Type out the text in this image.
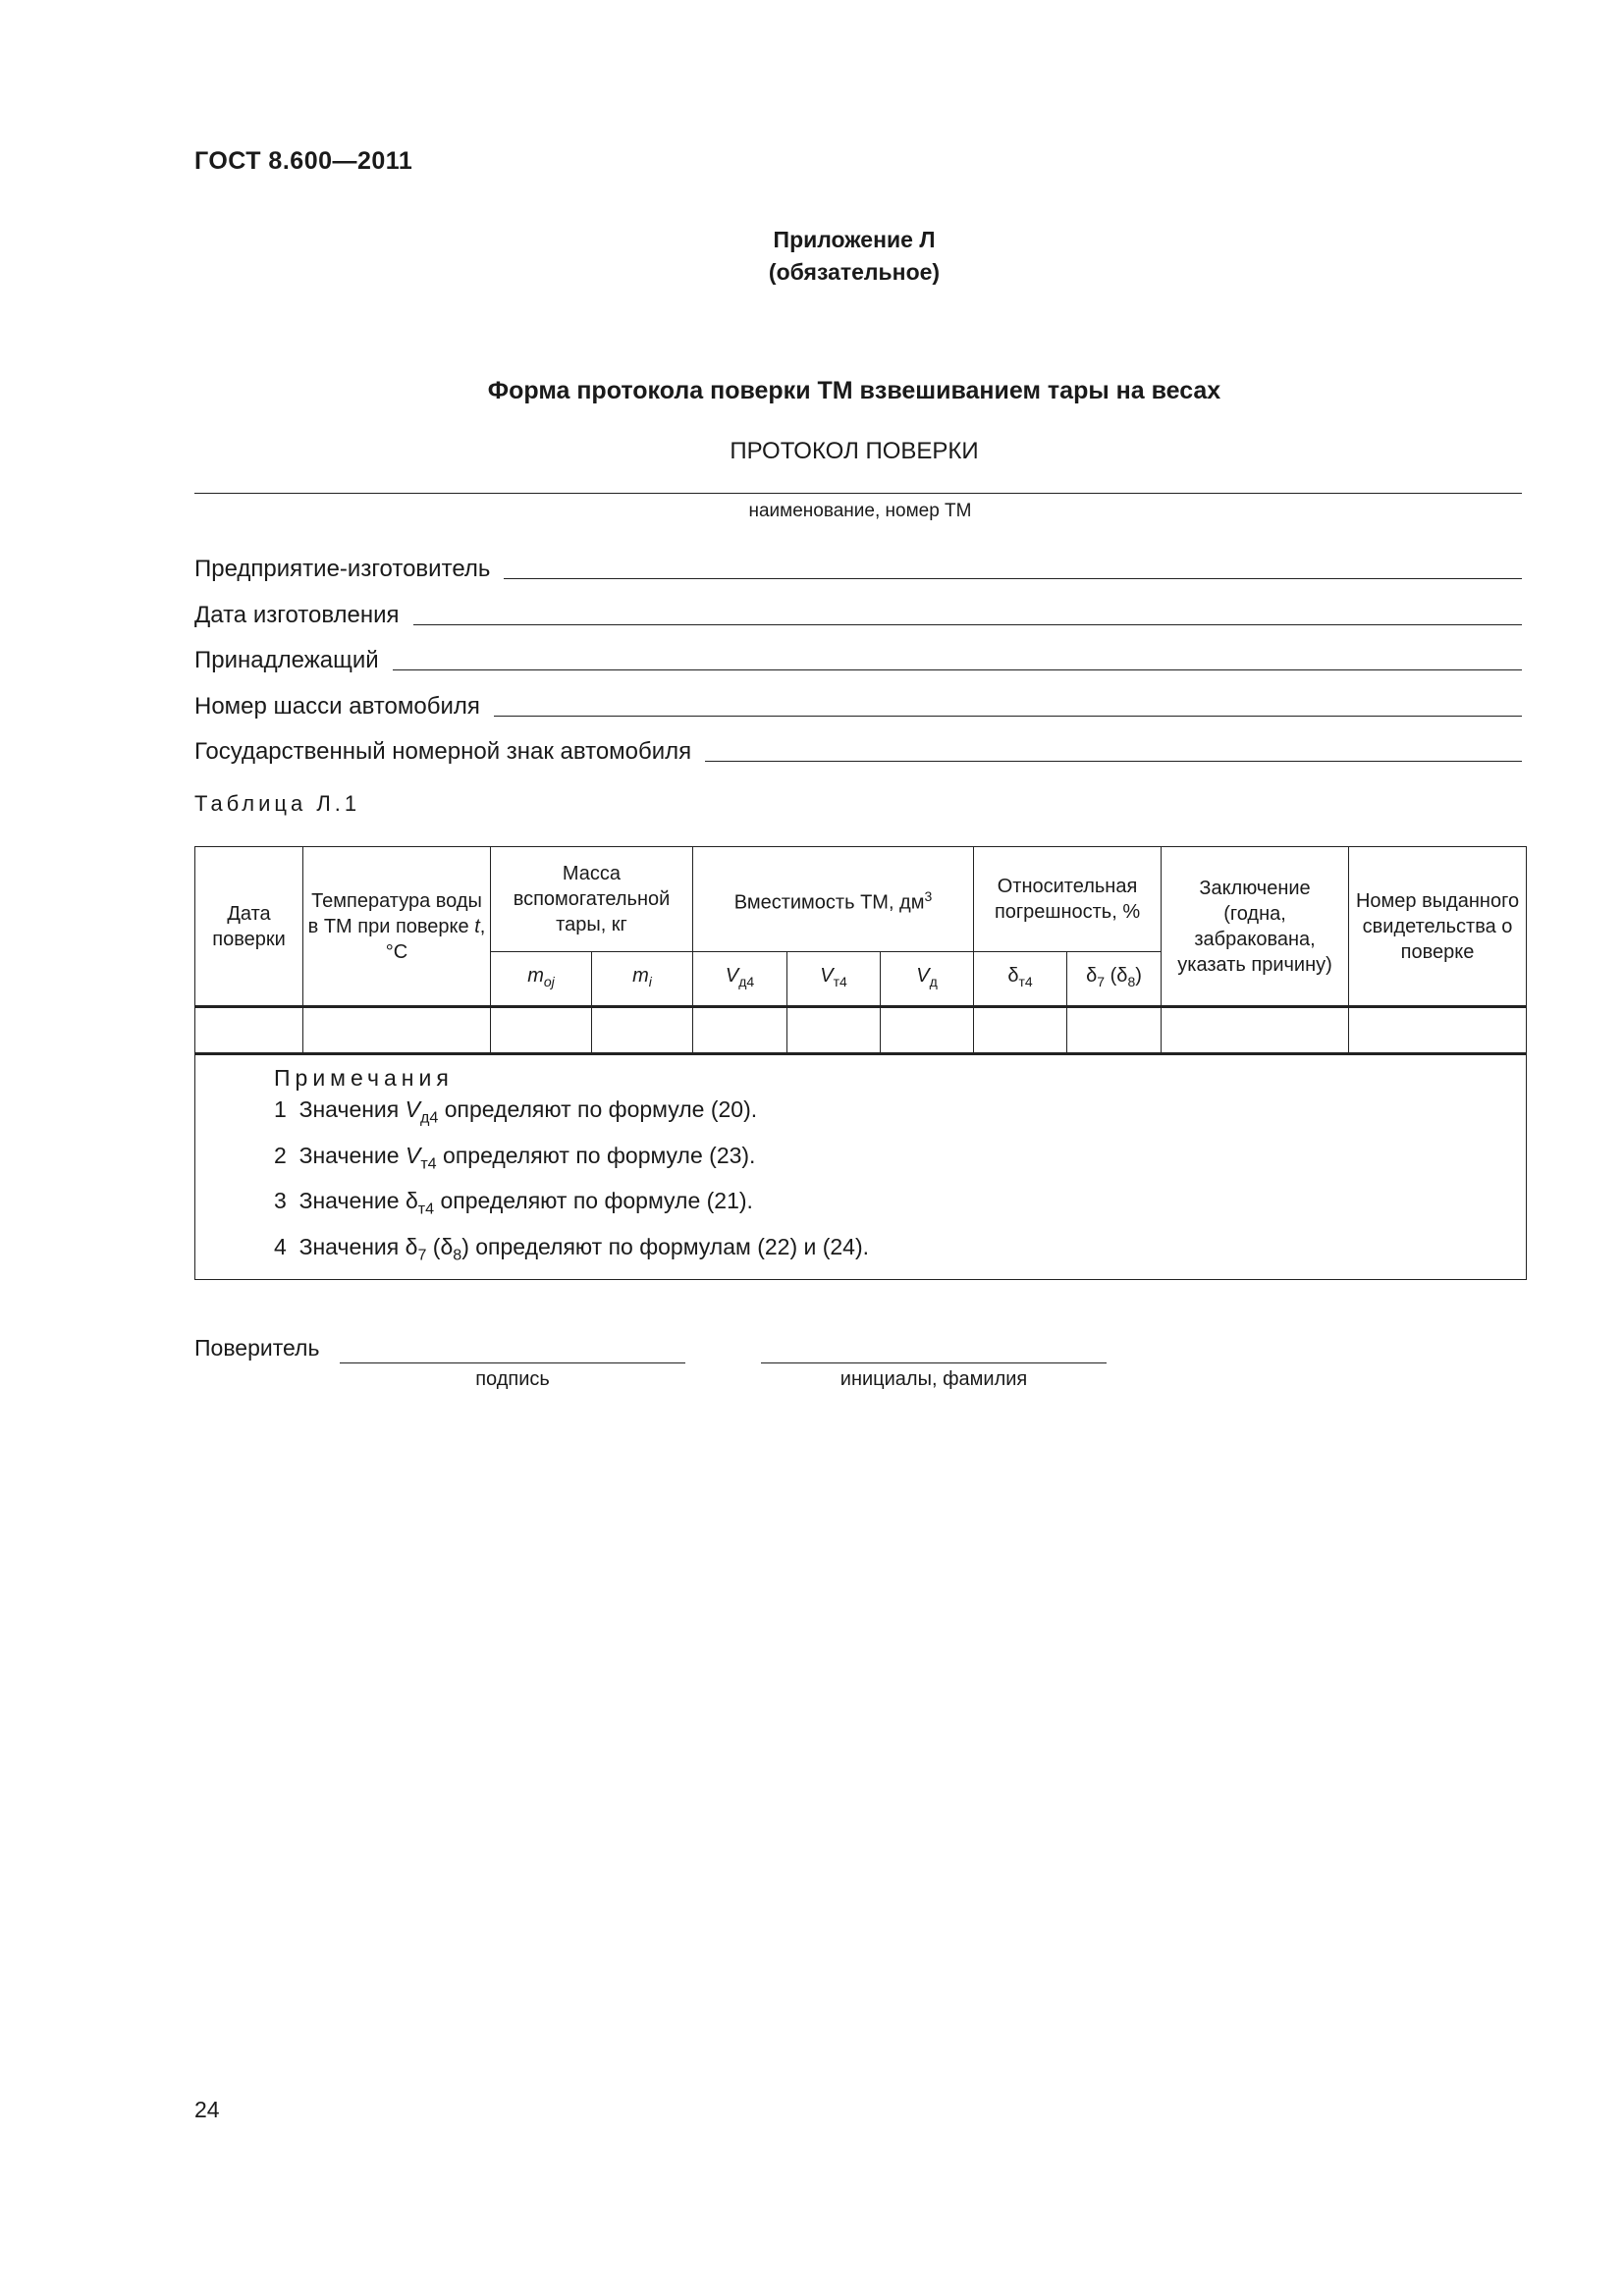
ГОСТ 8.600—2011
Приложение Л
(обязательное)
Форма протокола поверки ТМ взвешиванием тары на весах
ПРОТОКОЛ ПОВЕРКИ
наименование, номер ТМ
Предприятие-изготовитель
Дата изготовления
Принадлежащий
Номер шасси автомобиля
Государственный номерной знак автомобиля
Таблица Л.1
Дата поверки	Температура воды в ТМ при поверке t, °С	Масса вспомогательной тары, кг		Вместимость ТМ, $дм^3$			Относительная погрешность, %		Заключение (годна, забракована, указать причину)	Номер выданного свидетельства о поверке
		$m_{oj}$	$m_i$	$V_{д4}$	$V_{т4}$	$V_д$	$\delta_{т4}$	$\delta_7$ $(\delta_8)$		

Примечания
1 Значения $V_{д4}$ определяют по формуле (20).
2 Значение $V_{т4}$ определяют по формуле (23).
3 Значение $\delta_{т4}$ определяют по формуле (21).
4 Значения $\delta_7$ $(\delta_8)$ определяют по формулам (22) и (24).										
Поверитель
подпись	инициалы, фамилия
24
